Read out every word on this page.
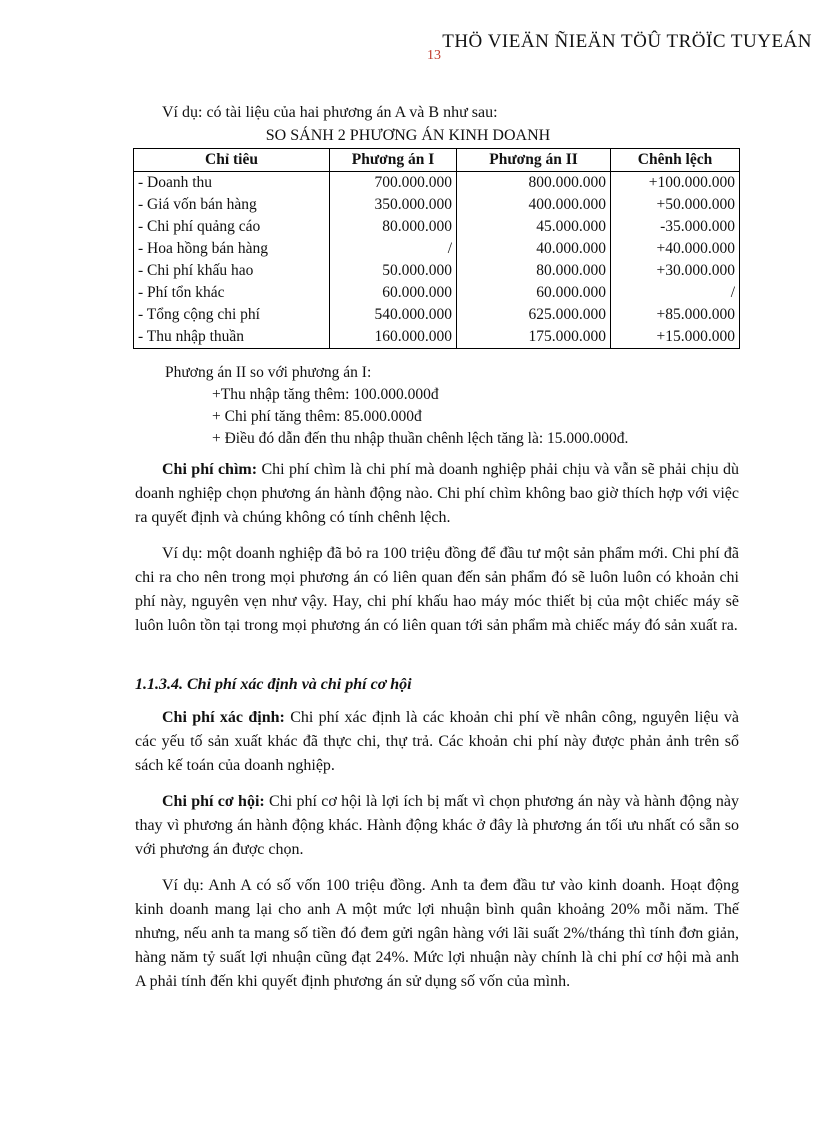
THÖ VIEÄN ÑIEÄN TÖÛ TRÖÏC TUYEÁN
13
Ví dụ: có tài liệu của hai phương án A và B như sau:
SO SÁNH 2 PHƯƠNG ÁN KINH DOANH
Chỉ tiêu	Phương án I	Phương án II	Chênh lệch
- Doanh thu	700.000.000	800.000.000	+100.000.000
- Giá vốn bán hàng	350.000.000	400.000.000	+50.000.000
- Chi phí quảng cáo	80.000.000	45.000.000	-35.000.000
- Hoa hồng bán hàng	/	40.000.000	+40.000.000
- Chi phí khấu hao	50.000.000	80.000.000	+30.000.000
- Phí tổn khác	60.000.000	60.000.000	/
- Tổng cộng chi phí	540.000.000	625.000.000	+85.000.000
- Thu nhập thuần	160.000.000	175.000.000	+15.000.000
Phương án II so với phương án I:
+Thu nhập tăng thêm: 100.000.000đ
+ Chi phí tăng thêm: 85.000.000đ
+ Điều đó dẫn đến thu nhập thuần chênh lệch tăng là: 15.000.000đ.

Chi phí chìm: Chi phí chìm là chi phí mà doanh nghiệp phải chịu và vẫn sẽ phải chịu dù doanh nghiệp chọn phương án hành động nào. Chi phí chìm không bao giờ thích hợp với việc ra quyết định và chúng không có tính chênh lệch.

Ví dụ: một doanh nghiệp đã bỏ ra 100 triệu đồng để đầu tư một sản phẩm mới. Chi phí đã chi ra cho nên trong mọi phương án có liên quan đến sản phẩm đó sẽ luôn luôn có khoản chi phí này, nguyên vẹn như vậy. Hay, chi phí khấu hao máy móc thiết bị của một chiếc máy sẽ luôn luôn tồn tại trong mọi phương án có liên quan tới sản phẩm mà chiếc máy đó sản xuất ra.

1.1.3.4. Chi phí xác định và chi phí cơ hội

Chi phí xác định: Chi phí xác định là các khoản chi phí về nhân công, nguyên liệu và các yếu tố sản xuất khác đã thực chi, thự trả. Các khoản chi phí này được phản ảnh trên sổ sách kế toán của doanh nghiệp.

Chi phí cơ hội: Chi phí cơ hội là lợi ích bị mất vì chọn phương án này và hành động này thay vì phương án hành động khác. Hành động khác ở đây là phương án tối ưu nhất có sẵn so với phương án được chọn.

Ví dụ: Anh A có số vốn 100 triệu đồng. Anh ta đem đầu tư vào kinh doanh. Hoạt động kinh doanh mang lại cho anh A một mức lợi nhuận bình quân khoảng 20% mỗi năm. Thế nhưng, nếu anh ta mang số tiền đó đem gửi ngân hàng với lãi suất 2%/tháng thì tính đơn giản, hàng năm tỷ suất lợi nhuận cũng đạt 24%. Mức lợi nhuận này chính là chi phí cơ hội mà anh A phải tính đến khi quyết định phương án sử dụng số vốn của mình.
